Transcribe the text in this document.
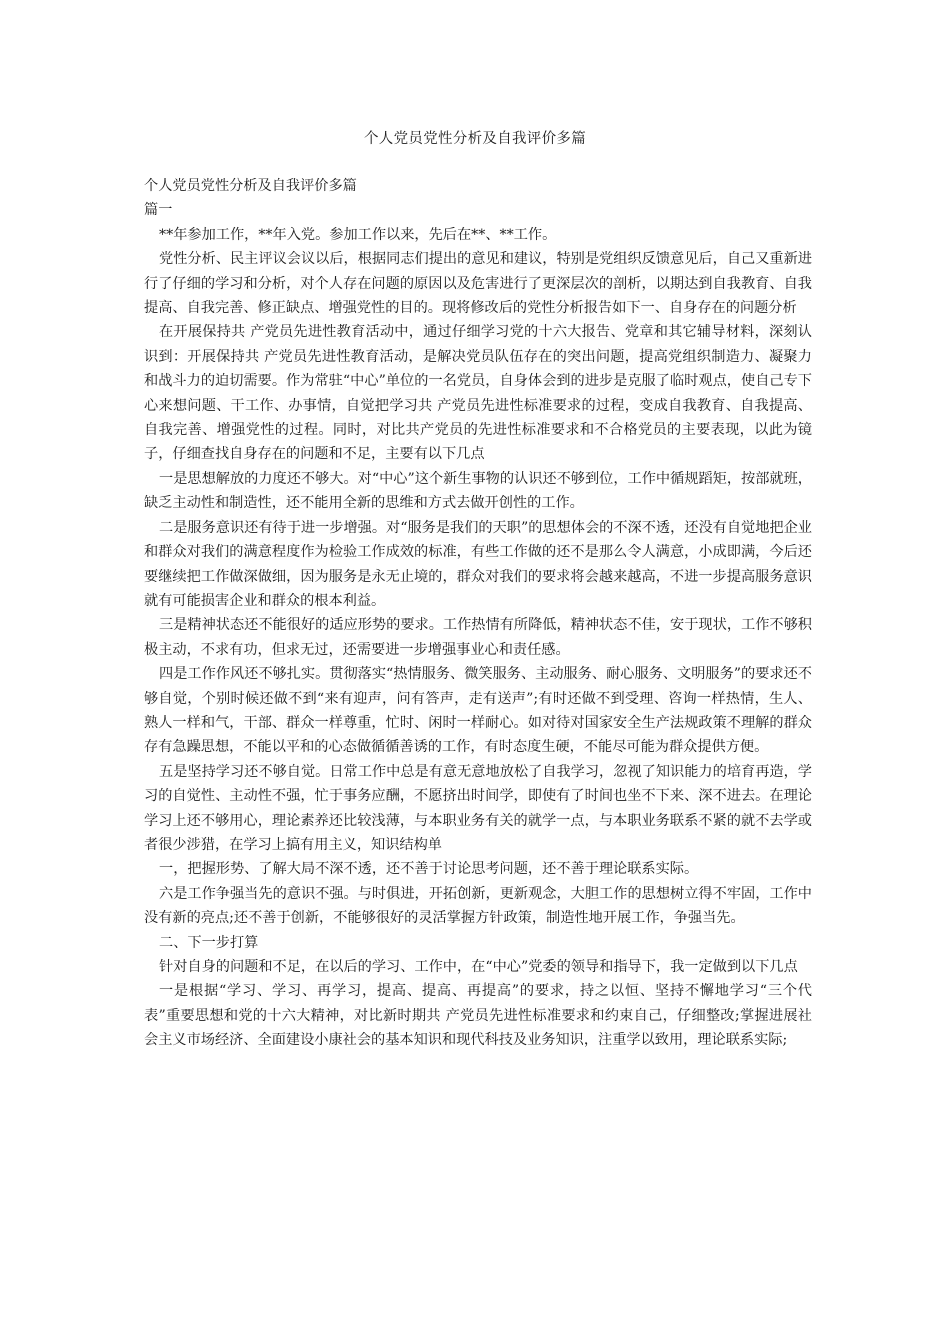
个人党员党性分析及自我评价多篇
个人党员党性分析及自我评价多篇
篇一
**年参加工作，**年入党。参加工作以来，先后在**、**工作。
党性分析、民主评议会议以后，根据同志们提出的意见和建议，特别是党组织反馈意见后，自己又重新进行了仔细的学习和分析，对个人存在问题的原因以及危害进行了更深层次的剖析，以期达到自我教育、自我提高、自我完善、修正缺点、增强党性的目的。现将修改后的党性分析报告如下一、自身存在的问题分析
在开展保持共 产党员先进性教育活动中，通过仔细学习党的十六大报告、党章和其它辅导材料，深刻认识到：开展保持共 产党员先进性教育活动，是解决党员队伍存在的突出问题，提高党组织制造力、凝聚力和战斗力的迫切需要。作为常驻“中心”单位的一名党员，自身体会到的进步是克服了临时观点，使自己专下心来想问题、干工作、办事情，自觉把学习共 产党员先进性标准要求的过程，变成自我教育、自我提高、自我完善、增强党性的过程。同时，对比共产党员的先进性标准要求和不合格党员的主要表现，以此为镜子，仔细查找自身存在的问题和不足，主要有以下几点
一是思想解放的力度还不够大。对“中心”这个新生事物的认识还不够到位，工作中循规蹈矩，按部就班，缺乏主动性和制造性，还不能用全新的思维和方式去做开创性的工作。
二是服务意识还有待于进一步增强。对“服务是我们的天职”的思想体会的不深不透，还没有自觉地把企业和群众对我们的满意程度作为检验工作成效的标准，有些工作做的还不是那么令人满意，小成即满，今后还要继续把工作做深做细，因为服务是永无止境的，群众对我们的要求将会越来越高，不进一步提高服务意识就有可能损害企业和群众的根本利益。
三是精神状态还不能很好的适应形势的要求。工作热情有所降低，精神状态不佳，安于现状，工作不够积极主动，不求有功，但求无过，还需要进一步增强事业心和责任感。
四是工作作风还不够扎实。贯彻落实“热情服务、微笑服务、主动服务、耐心服务、文明服务”的要求还不够自觉，个别时候还做不到“来有迎声，问有答声，走有送声”;有时还做不到受理、咨询一样热情，生人、熟人一样和气，干部、群众一样尊重，忙时、闲时一样耐心。如对待对国家安全生产法规政策不理解的群众存有急躁思想，不能以平和的心态做循循善诱的工作，有时态度生硬，不能尽可能为群众提供方便。
五是坚持学习还不够自觉。日常工作中总是有意无意地放松了自我学习，忽视了知识能力的培育再造，学习的自觉性、主动性不强，忙于事务应酬，不愿挤出时间学，即使有了时间也坐不下来、深不进去。在理论学习上还不够用心，理论素养还比较浅薄，与本职业务有关的就学一点，与本职业务联系不紧的就不去学或者很少涉猎，在学习上搞有用主义，知识结构单
一，把握形势、了解大局不深不透，还不善于讨论思考问题，还不善于理论联系实际。
六是工作争强当先的意识不强。与时俱进，开拓创新，更新观念，大胆工作的思想树立得不牢固，工作中没有新的亮点;还不善于创新，不能够很好的灵活掌握方针政策，制造性地开展工作，争强当先。
二、下一步打算
针对自身的问题和不足，在以后的学习、工作中，在“中心”党委的领导和指导下，我一定做到以下几点
一是根据“学习、学习、再学习，提高、提高、再提高”的要求，持之以恒、坚持不懈地学习“三个代表”重要思想和党的十六大精神，对比新时期共 产党员先进性标准要求和约束自己，仔细整改;掌握进展社会主义市场经济、全面建设小康社会的基本知识和现代科技及业务知识，注重学以致用，理论联系实际;
